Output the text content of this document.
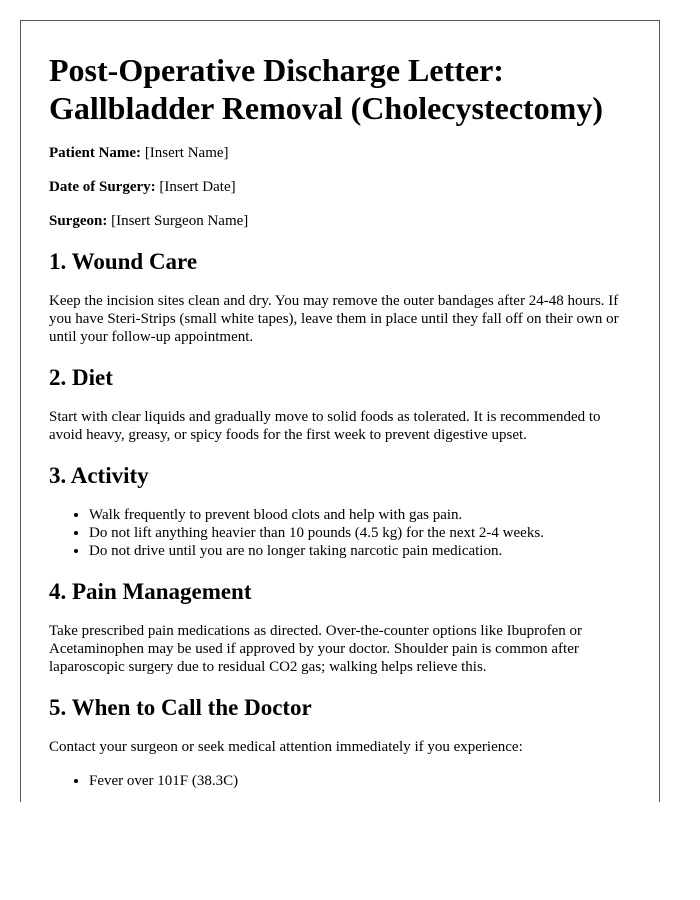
Post-Operative Discharge Letter:
Gallbladder Removal (Cholecystectomy)

Patient Name: [Insert Name]

Date of Surgery: [Insert Date]

Surgeon: [Insert Surgeon Name]

1. Wound Care

Keep the incision sites clean and dry. You may remove the outer bandages after 24-48 hours. If you have Steri-Strips (small white tapes), leave them in place until they fall off on their own or until your follow-up appointment.

2. Diet

Start with clear liquids and gradually move to solid foods as tolerated. It is recommended to avoid heavy, greasy, or spicy foods for the first week to prevent digestive upset.

3. Activity
• Walk frequently to prevent blood clots and help with gas pain.
• Do not lift anything heavier than 10 pounds (4.5 kg) for the next 2-4 weeks.
• Do not drive until you are no longer taking narcotic pain medication.
4. Pain Management

Take prescribed pain medications as directed. Over-the-counter options like Ibuprofen or Acetaminophen may be used if approved by your doctor. Shoulder pain is common after laparoscopic surgery due to residual CO2 gas; walking helps relieve this.

5. When to Call the Doctor

Contact your surgeon or seek medical attention immediately if you experience:

• Fever over 101F (38.3C)
